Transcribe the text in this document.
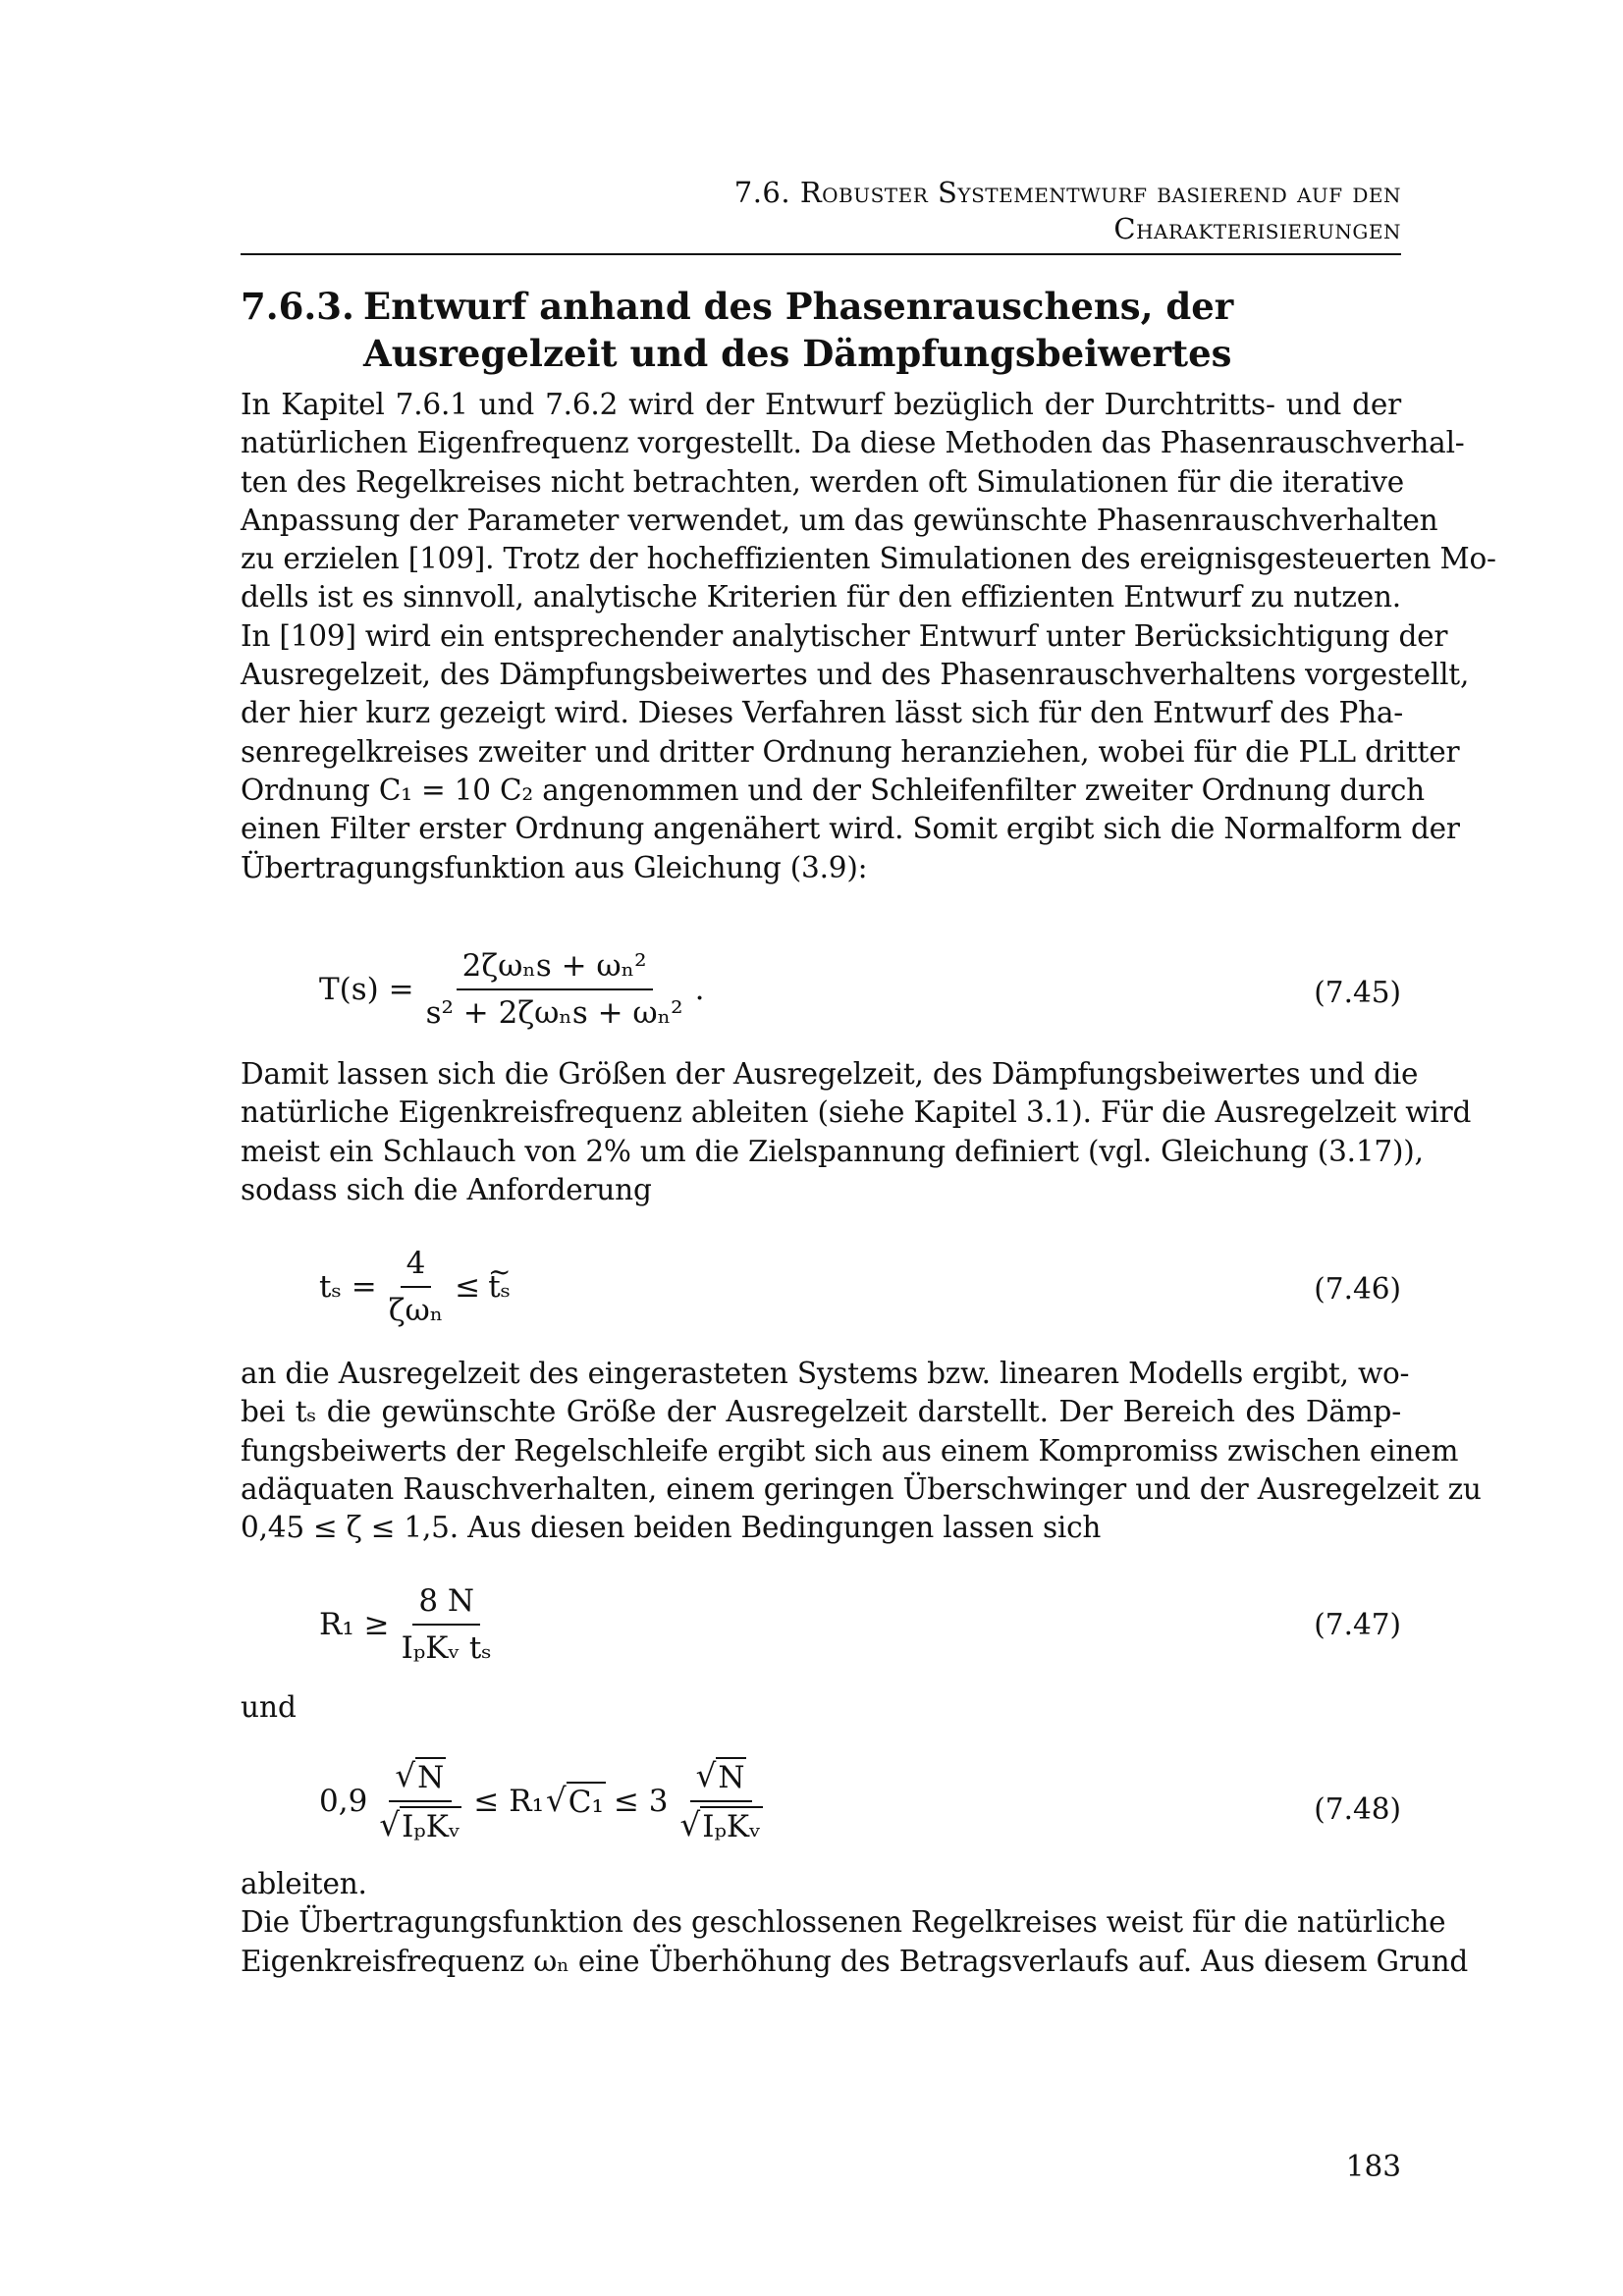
7.6. Robuster Systementwurf basierend auf den
Charakterisierungen
7.6.3. Entwurf anhand des Phasenrauschens, der
Ausregelzeit und des Dämpfungsbeiwertes
In Kapitel 7.6.1 und 7.6.2 wird der Entwurf bezüglich der Durchtritts- und der
natürlichen Eigenfrequenz vorgestellt. Da diese Methoden das Phasenrauschverhal-
ten des Regelkreises nicht betrachten, werden oft Simulationen für die iterative
Anpassung der Parameter verwendet, um das gewünschte Phasenrauschverhalten
zu erzielen [109]. Trotz der hocheffizienten Simulationen des ereignisgesteuerten Mo-
dells ist es sinnvoll, analytische Kriterien für den effizienten Entwurf zu nutzen.
In [109] wird ein entsprechender analytischer Entwurf unter Berücksichtigung der
Ausregelzeit, des Dämpfungsbeiwertes und des Phasenrauschverhaltens vorgestellt,
der hier kurz gezeigt wird. Dieses Verfahren lässt sich für den Entwurf des Pha-
senregelkreises zweiter und dritter Ordnung heranziehen, wobei für die PLL dritter
Ordnung C₁ = 10 C₂ angenommen und der Schleifenfilter zweiter Ordnung durch
einen Filter erster Ordnung angenähert wird. Somit ergibt sich die Normalform der
Übertragungsfunktion aus Gleichung (3.9):
$T(s) = \frac{\text{2ζωₙs + ωₙ²}}{\text{s² + 2ζωₙs + ωₙ²}}$ .	(7.45)
Damit lassen sich die Größen der Ausregelzeit, des Dämpfungsbeiwertes und die
natürliche Eigenkreisfrequenz ableiten (siehe Kapitel 3.1). Für die Ausregelzeit wird
meist ein Schlauch von 2% um die Zielspannung definiert (vgl. Gleichung (3.17)),
sodass sich die Anforderung
$t_s = \frac{4}{\text{ζωₙ}}$ ≤
~ tₛ	(7.46)
an die Ausregelzeit des eingerasteten Systems bzw. linearen Modells ergibt, wo-
bei tₛ die gewünschte Größe der Ausregelzeit darstellt. Der Bereich des Dämp-
fungsbeiwerts der Regelschleife ergibt sich aus einem Kompromiss zwischen einem
adäquaten Rauschverhalten, einem geringen Überschwinger und der Ausregelzeit zu
0,45 ≤ ζ ≤ 1,5. Aus diesen beiden Bedingungen lassen sich
$R_1 \ge \frac{8 N}{\text{IₚKᵥ tₛ}}$	(7.47)
und
$0,9 \frac{√ N}{\text{√ IₚKᵥ}} \le R_1$ √ $C_1 \le 3 \frac{√ N}{\text{√ IₚKᵥ}}$	(7.48)
ableiten.
Die Übertragungsfunktion des geschlossenen Regelkreises weist für die natürliche
Eigenkreisfrequenz ωₙ eine Überhöhung des Betragsverlaufs auf. Aus diesem Grund
183
